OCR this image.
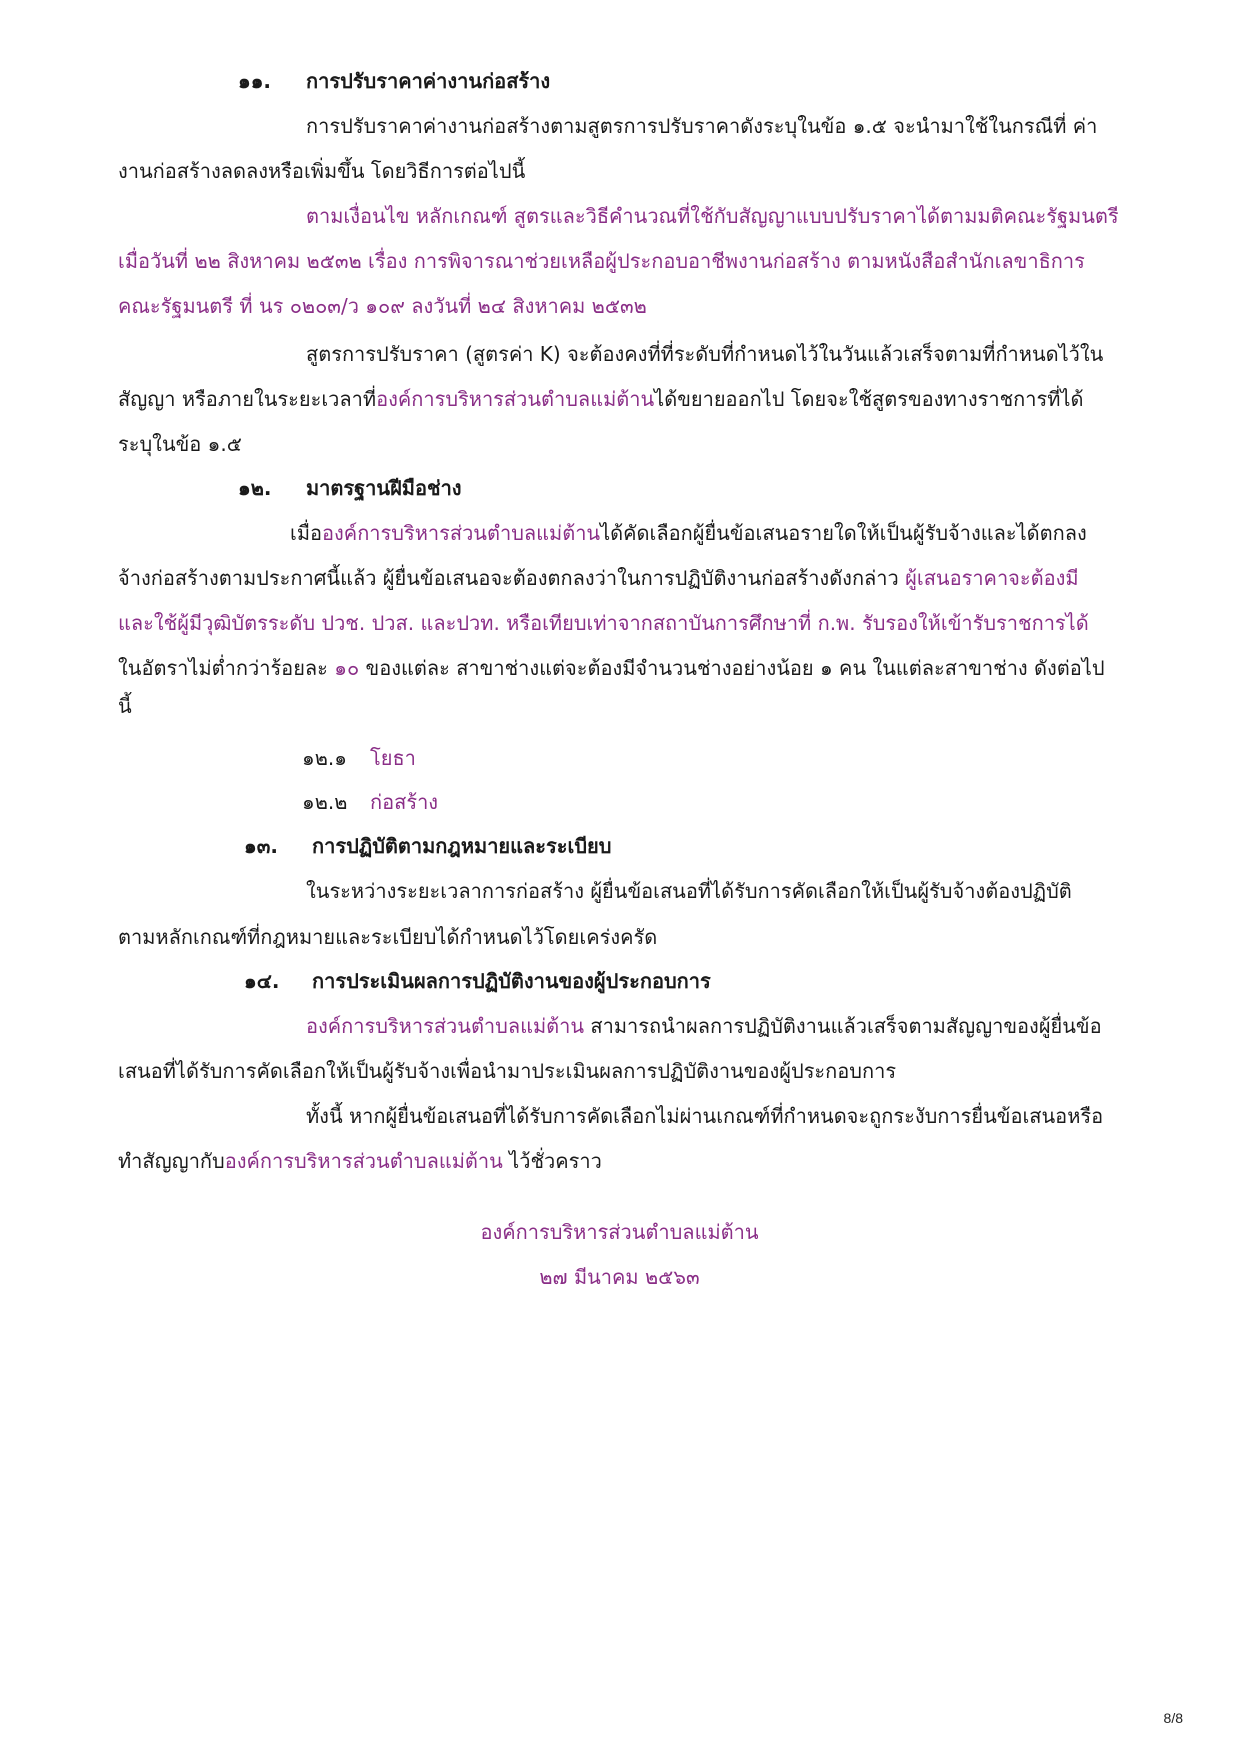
๑๑. การปรับราคาค่างานก่อสร้าง
การปรับราคาค่างานก่อสร้างตามสูตรการปรับราคาดังระบุในข้อ ๑.๕ จะนำมาใช้ในกรณีที่ ค่า
งานก่อสร้างลดลงหรือเพิ่มขึ้น โดยวิธีการต่อไปนี้
ตามเงื่อนไข หลักเกณฑ์ สูตรและวิธีคำนวณที่ใช้กับสัญญาแบบปรับราคาได้ตามมติคณะรัฐมนตรี
เมื่อวันที่ ๒๒ สิงหาคม ๒๕๓๒ เรื่อง การพิจารณาช่วยเหลือผู้ประกอบอาชีพงานก่อสร้าง ตามหนังสือสำนักเลขาธิการ
คณะรัฐมนตรี ที่ นร ๐๒๐๓/ว ๑๐๙ ลงวันที่ ๒๔ สิงหาคม ๒๕๓๒
สูตรการปรับราคา (สูตรค่า K) จะต้องคงที่ที่ระดับที่กำหนดไว้ในวันแล้วเสร็จตามที่กำหนดไว้ใน
สัญญา หรือภายในระยะเวลาที่องค์การบริหารส่วนตำบลแม่ต้านได้ขยายออกไป โดยจะใช้สูตรของทางราชการที่ได้
ระบุในข้อ ๑.๕
๑๒. มาตรฐานฝีมือช่าง
เมื่อองค์การบริหารส่วนตำบลแม่ต้านได้คัดเลือกผู้ยื่นข้อเสนอรายใดให้เป็นผู้รับจ้างและได้ตกลง
จ้างก่อสร้างตามประกาศนี้แล้ว ผู้ยื่นข้อเสนอจะต้องตกลงว่าในการปฏิบัติงานก่อสร้างดังกล่าว ผู้เสนอราคาจะต้องมี
และใช้ผู้มีวุฒิบัตรระดับ ปวช. ปวส. และปวท. หรือเทียบเท่าจากสถาบันการศึกษาที่ ก.พ. รับรองให้เข้ารับราชการได้
ในอัตราไม่ต่ำกว่าร้อยละ ๑๐ ของแต่ละ สาขาช่างแต่จะต้องมีจำนวนช่างอย่างน้อย ๑ คน ในแต่ละสาขาช่าง ดังต่อไป
นี้
๑๒.๑ โยธา
๑๒.๒ ก่อสร้าง
๑๓. การปฏิบัติตามกฎหมายและระเบียบ
ในระหว่างระยะเวลาการก่อสร้าง ผู้ยื่นข้อเสนอที่ได้รับการคัดเลือกให้เป็นผู้รับจ้างต้องปฏิบัติ
ตามหลักเกณฑ์ที่กฎหมายและระเบียบได้กำหนดไว้โดยเคร่งครัด
๑๔. การประเมินผลการปฏิบัติงานของผู้ประกอบการ
องค์การบริหารส่วนตำบลแม่ต้าน สามารถนำผลการปฏิบัติงานแล้วเสร็จตามสัญญาของผู้ยื่นข้อ
เสนอที่ได้รับการคัดเลือกให้เป็นผู้รับจ้างเพื่อนำมาประเมินผลการปฏิบัติงานของผู้ประกอบการ
ทั้งนี้ หากผู้ยื่นข้อเสนอที่ได้รับการคัดเลือกไม่ผ่านเกณฑ์ที่กำหนดจะถูกระงับการยื่นข้อเสนอหรือ
ทำสัญญากับองค์การบริหารส่วนตำบลแม่ต้าน ไว้ชั่วคราว
องค์การบริหารส่วนตำบลแม่ต้าน
๒๗ มีนาคม ๒๕๖๓
8/8
